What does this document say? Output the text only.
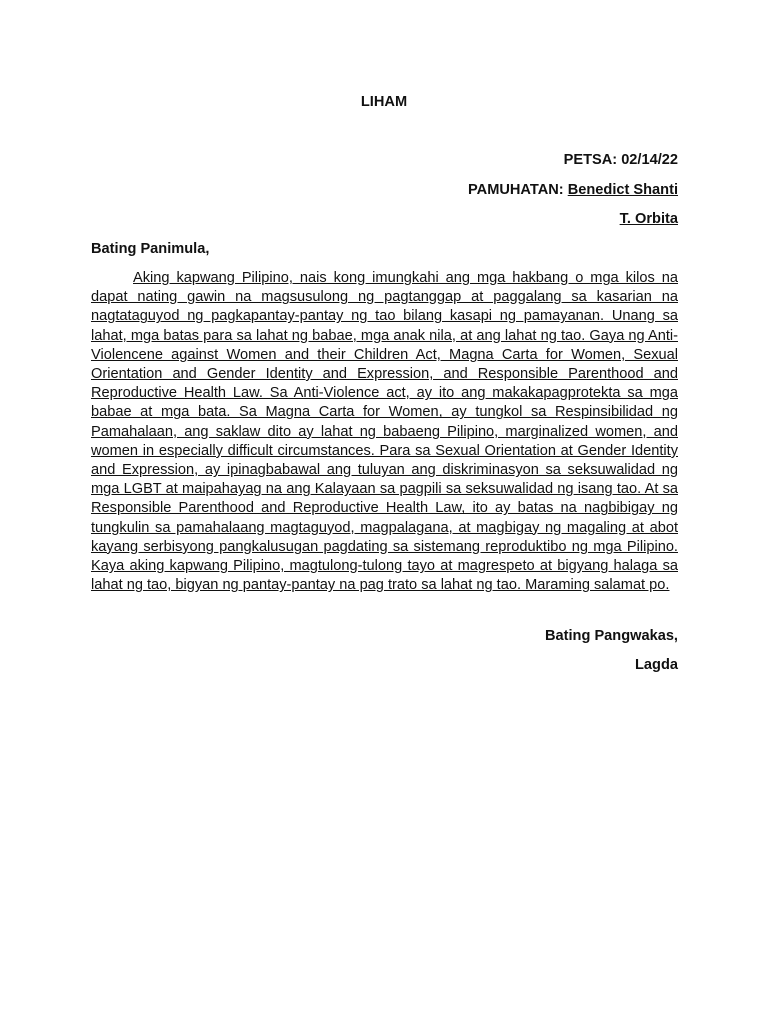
LIHAM
PETSA: 02/14/22
PAMUHATAN: Benedict Shanti
T. Orbita
Bating Panimula,

Aking kapwang Pilipino, nais kong imungkahi ang mga hakbang o mga kilos na dapat nating gawin na magsusulong ng pagtanggap at paggalang sa kasarian na nagtataguyod ng pagkapantay-pantay ng tao bilang kasapi ng pamayanan. Unang sa lahat, mga batas para sa lahat ng babae, mga anak nila, at ang lahat ng tao. Gaya ng Anti-Violencene against Women and their Children Act, Magna Carta for Women, Sexual Orientation and Gender Identity and Expression, and Responsible Parenthood and Reproductive Health Law. Sa Anti-Violence act, ay ito ang makakapagprotekta sa mga babae at mga bata. Sa Magna Carta for Women, ay tungkol sa Respinsibilidad ng Pamahalaan, ang saklaw dito ay lahat ng babaeng Pilipino, marginalized women, and women in especially difficult circumstances. Para sa Sexual Orientation at Gender Identity and Expression, ay ipinagbabawal ang tuluyan ang diskriminasyon sa seksuwalidad ng mga LGBT at maipahayag na ang Kalayaan sa pagpili sa seksuwalidad ng isang tao. At sa Responsible Parenthood and Reproductive Health Law, ito ay batas na nagbibigay ng tungkulin sa pamahalaang magtaguyod, magpalagana, at magbigay ng magaling at abot kayang serbisyong pangkalusugan pagdating sa sistemang reproduktibo ng mga Pilipino. Kaya aking kapwang Pilipino, magtulong-tulong tayo at magrespeto at bigyang halaga sa lahat ng tao, bigyan ng pantay-pantay na pag trato sa lahat ng tao. Maraming salamat po.

Bating Pangwakas,
Lagda
